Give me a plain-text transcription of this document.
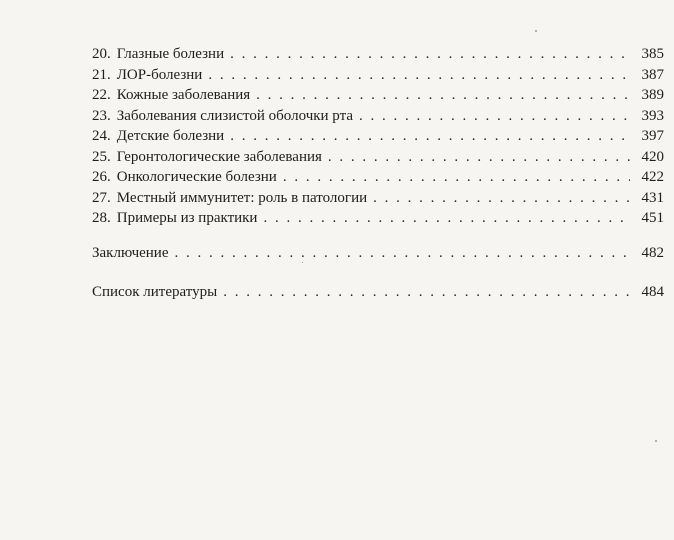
20. Глазные болезни . . .	385
21. ЛОР-болезни . . .	387
22. Кожные заболевания . . .	389
23. Заболевания слизистой оболочки рта . . .	393
24. Детские болезни . . .	397
25. Геронтологические заболевания . . .	420
26. Онкологические болезни . . .	422
27. Местный иммунитет: роль в патологии . . .	431
28. Примеры из практики . . .	451
Заключение . . .	482
Список литературы . . .	484
